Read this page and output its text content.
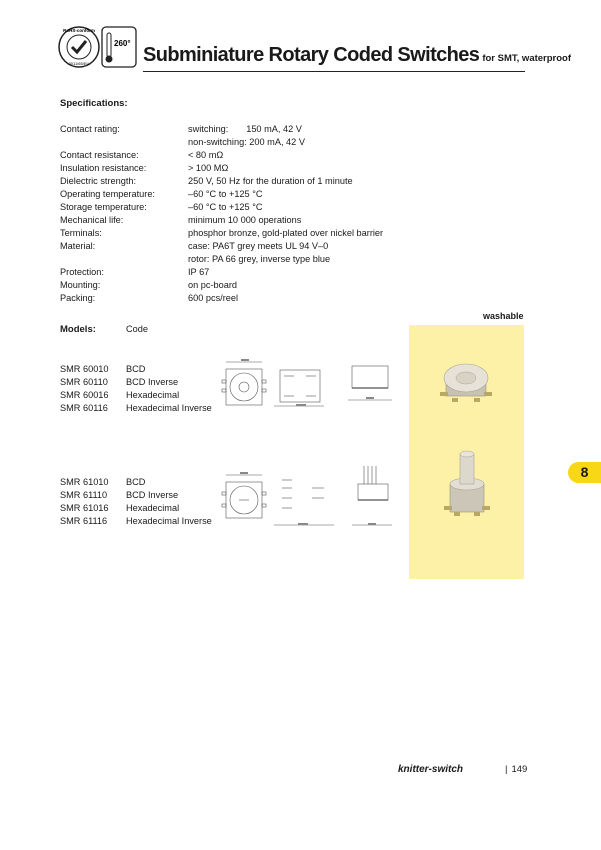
RoHS-conform
2011/65/EU
260°
Subminiature Rotary Coded Switches for SMT, waterproof
Specifications:
Contact rating:	switching:       150 mA, 42 V
non-switching: 200 mA, 42 V
Contact resistance:	< 80 mΩ
Insulation resistance:	> 100 MΩ
Dielectric strength:	250 V, 50 Hz for the duration of 1 minute
Operating temperature:	–60 °C to +125 °C
Storage temperature:	–60 °C to +125 °C
Mechanical life:	minimum 10 000 operations
Terminals:	phosphor bronze, gold-plated over nickel barrier
Material:	case: PA6T grey meets UL 94 V–0
rotor: PA 66 grey, inverse type blue
Protection:	IP 67
Mounting:	on pc-board
Packing:	600 pcs/reel
washable
Models:	Code
SMR 60010 BCD
SMR 60110 BCD Inverse
SMR 60016 Hexadecimal
SMR 60116 Hexadecimal Inverse
SMR 61010 BCD
SMR 61110 BCD Inverse
SMR 61016 Hexadecimal
SMR 61116 Hexadecimal Inverse
8
knitter-switch	| 149
